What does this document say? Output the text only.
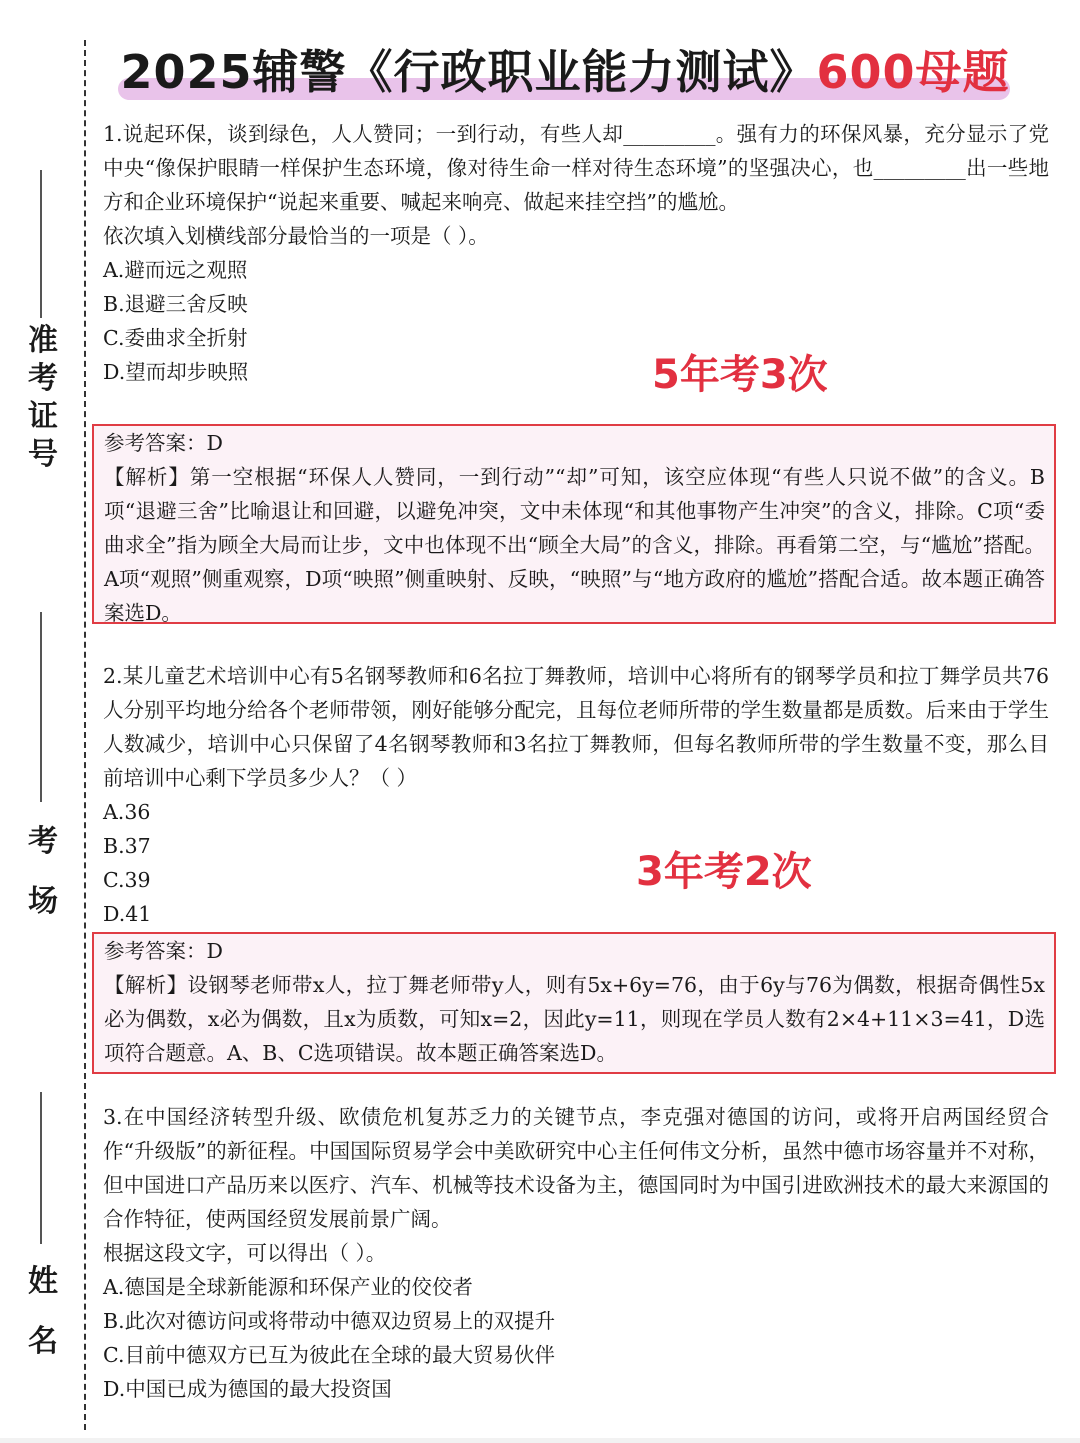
准考证号
考场
姓名
2025辅警《行政职业能力测试》600母题

1.说起环保，谈到绿色，人人赞同；一到行动，有些人却_________。强有力的环保风暴，充分显示了党中央“像保护眼睛一样保护生态环境，像对待生命一样对待生态环境”的坚强决心，也_________出一些地方和企业环境保护“说起来重要、喊起来响亮、做起来挂空挡”的尴尬。

依次填入划横线部分最恰当的一项是（ ）。

A.避而远之观照

B.退避三舍反映

C.委曲求全折射

D.望而却步映照	5年考3次

参考答案：D

【解析】第一空根据“环保人人赞同，一到行动”“却”可知，该空应体现“有些人只说不做”的含义。B项“退避三舍”比喻退让和回避，以避免冲突，文中未体现“和其他事物产生冲突”的含义，排除。C项“委曲求全”指为顾全大局而让步，文中也体现不出“顾全大局”的含义，排除。再看第二空，与“尴尬”搭配。A项“观照”侧重观察，D项“映照”侧重映射、反映，“映照”与“地方政府的尴尬”搭配合适。故本题正确答案选D。

2.某儿童艺术培训中心有5名钢琴教师和6名拉丁舞教师，培训中心将所有的钢琴学员和拉丁舞学员共76人分别平均地分给各个老师带领，刚好能够分配完，且每位老师所带的学生数量都是质数。后来由于学生人数减少，培训中心只保留了4名钢琴教师和3名拉丁舞教师，但每名教师所带的学生数量不变，那么目前培训中心剩下学员多少人？（ ）

A.36

B.37

C.39

D.41

3年考2次

参考答案：D

【解析】设钢琴老师带x人，拉丁舞老师带y人，则有5x+6y=76，由于6y与76为偶数，根据奇偶性5x必为偶数，x必为偶数，且x为质数，可知x=2，因此y=11，则现在学员人数有2×4+11×3=41，D选项符合题意。A、B、C选项错误。故本题正确答案选D。

3.在中国经济转型升级、欧债危机复苏乏力的关键节点，李克强对德国的访问，或将开启两国经贸合作“升级版”的新征程。中国国际贸易学会中美欧研究中心主任何伟文分析，虽然中德市场容量并不对称，但中国进口产品历来以医疗、汽车、机械等技术设备为主，德国同时为中国引进欧洲技术的最大来源国的合作特征，使两国经贸发展前景广阔。

根据这段文字，可以得出（ ）。

A.德国是全球新能源和环保产业的佼佼者

B.此次对德访问或将带动中德双边贸易上的双提升

C.目前中德双方已互为彼此在全球的最大贸易伙伴

D.中国已成为德国的最大投资国
